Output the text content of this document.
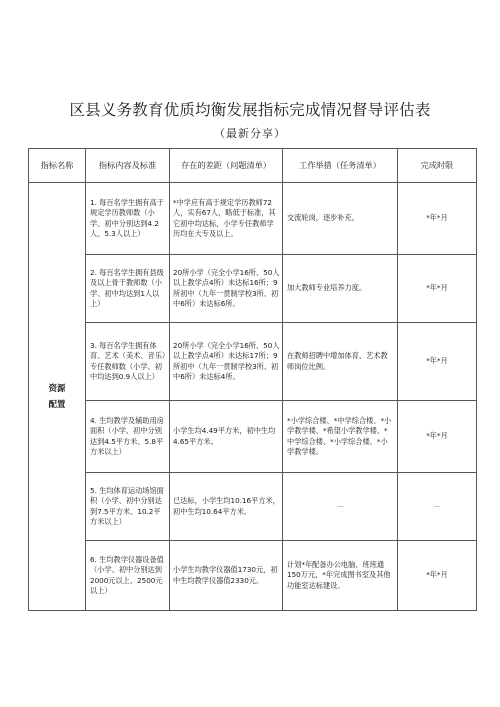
区县义务教育优质均衡发展指标完成情况督导评估表
（最新分享）
指标名称	指标内容及标准	存在的差距（问题清单）	工作举措（任务清单）	完成时限

资源
配置	1. 每百名学生拥有高于规定学历教师数（小学、初中分别达到4.2人、5.3人以上）	*中学应有高于规定学历教师72人，实有67人，略低于标准，其它初中均达标，小学专任教师学历均在大专及以上。	交流轮岗，逐步补充。	*年*月
	2. 每百名学生拥有县级及以上骨干教师数（小学、初中均达到1人以上）	20所小学（完全小学16所、50人以上教学点4所）未达标16所；9所初中（九年一贯制学校3所、初中6所）未达标6所。	加大教师专业培养力度。	*年*月
	3. 每百名学生拥有体育、艺术（美术、音乐）专任教师数（小学、初中均达到0.9人以上）	20所小学（完全小学16所、50人以上教学点4所）未达标17所；9所初中（九年一贯制学校3所、初中6所）未达标4所。	在教师招聘中增加体育、艺术教师岗位比例。	*年*月
	4. 生均教学及辅助用房面积（小学、初中分别达到4.5平方米、5.8平方米以上）	小学生均4.49平方米，初中生均4.65平方米。	*小学综合楼、*中学综合楼、*小学教学楼、*希望小学教学楼、*中学综合楼、*小学综合楼、*小学教学楼。	*年*月
	5. 生均体育运动场馆面积（小学、初中分别达到7.5平方米、10.2平方米以上）	已达标，小学生均10.16平方米，初中生均10.64平方米。	—	—
	6. 生均教学仪器设备值（小学、初中分别达到2000元以上、2500元以上）	小学生均教学仪器值1730元，初中生均教学仪器值2330元。	计划*年配备办公电脑、班班通150万元，*年完成图书室及其他功能室达标建设。	*年*月
